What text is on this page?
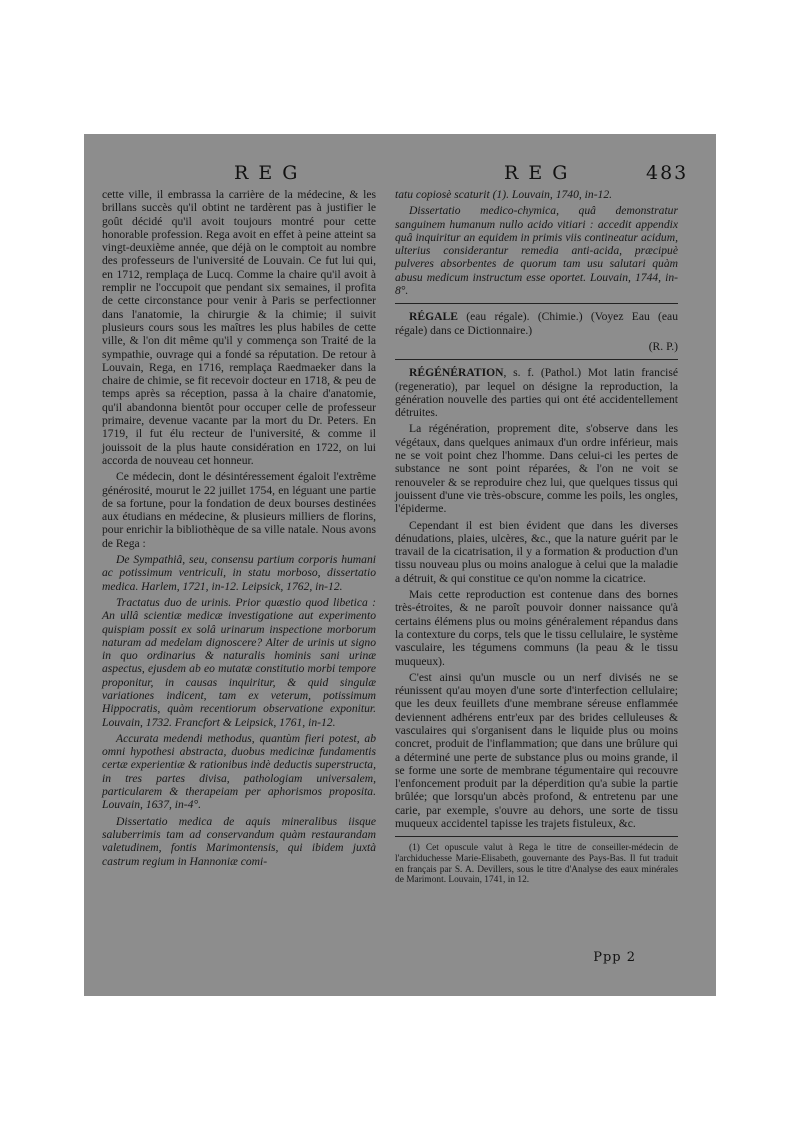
R E G	R E G	483

cette ville, il embrassa la carrière de la médecine, & les brillans succès qu'il obtint ne tardèrent pas à justifier le goût décidé qu'il avoit toujours montré pour cette honorable profession. Rega avoit en effet à peine atteint sa vingt-deuxième année, que déjà on le comptoit au nombre des professeurs de l'université de Louvain. Ce fut lui qui, en 1712, remplaça de Lucq. Comme la chaire qu'il avoit à remplir ne l'occupoit que pendant six semaines, il profita de cette circonstance pour venir à Paris se perfectionner dans l'anatomie, la chirurgie & la chimie; il suivit plusieurs cours sous les maîtres les plus habiles de cette ville, & l'on dit même qu'il y commença son Traité de la sympathie, ouvrage qui a fondé sa réputation. De retour à Louvain, Rega, en 1716, remplaça Raedmaeker dans la chaire de chimie, se fit recevoir docteur en 1718, & peu de temps après sa réception, passa à la chaire d'anatomie, qu'il abandonna bientôt pour occuper celle de professeur primaire, devenue vacante par la mort du Dr. Peters. En 1719, il fut élu recteur de l'université, & comme il jouissoit de la plus haute considération en 1722, on lui accorda de nouveau cet honneur.

Ce médecin, dont le désintéressement égaloit l'extrême générosité, mourut le 22 juillet 1754, en léguant une partie de sa fortune, pour la fondation de deux bourses destinées aux étudians en médecine, & plusieurs milliers de florins, pour enrichir la bibliothèque de sa ville natale. Nous avons de Rega :

De Sympathiâ, seu, consensu partium corporis humani ac potissimum ventriculi, in statu morboso, dissertatio medica. Harlem, 1721, in-12. Leipsick, 1762, in-12.

Tractatus duo de urinis. Prior quæstio quod libetica : An ullâ scientiæ medicæ investigatione aut experimento quispiam possit ex solâ urinarum inspectione morborum naturam ad medelam dignoscere? Alter de urinis ut signo in quo ordinarius & naturalis hominis sani urinæ aspectus, ejusdem ab eo mutatæ constitutio morbi tempore proponitur, in causas inquiritur, & quid singulæ variationes indicent, tam ex veterum, potissimum Hippocratis, quàm recentiorum observatione exponitur. Louvain, 1732. Francfort & Leipsick, 1761, in-12.

Accurata medendi methodus, quantùm fieri potest, ab omni hypothesi abstracta, duobus medicinæ fundamentis certæ experientiæ & rationibus indè deductis superstructa, in tres partes divisa, pathologiam universalem, particularem & therapeiam per aphorismos proposita. Louvain, 1637, in-4°.

Dissertatio medica de aquis mineralibus iisque saluberrimis tam ad conservandum quàm restaurandam valetudinem, fontis Marimontensis, qui ibidem juxtà castrum regium in Hannoniæ comi-

tatu copiosè scaturit (1). Louvain, 1740, in-12.

Dissertatio medico-chymica, quâ demonstratur sanguinem humanum nullo acido vitiari : accedit appendix quâ inquiritur an equidem in primis viis contineatur acidum, ulterius considerantur remedia anti-acida, præcipuè pulveres absorbentes de quorum tam usu salutari quàm abusu medicum instructum esse oportet. Louvain, 1744, in-8°.

RÉGALE (eau régale). (Chimie.) (Voyez Eau (eau régale) dans ce Dictionnaire.)

(R. P.)

RÉGÉNÉRATION, s. f. (Pathol.) Mot latin francisé (regeneratio), par lequel on désigne la reproduction, la génération nouvelle des parties qui ont été accidentellement détruites.

La régénération, proprement dite, s'observe dans les végétaux, dans quelques animaux d'un ordre inférieur, mais ne se voit point chez l'homme. Dans celui-ci les pertes de substance ne sont point réparées, & l'on ne voit se renouveler & se reproduire chez lui, que quelques tissus qui jouissent d'une vie très-obscure, comme les poils, les ongles, l'épiderme.

Cependant il est bien évident que dans les diverses dénudations, plaies, ulcères, &c., que la nature guérit par le travail de la cicatrisation, il y a formation & production d'un tissu nouveau plus ou moins analogue à celui que la maladie a détruit, & qui constitue ce qu'on nomme la cicatrice.

Mais cette reproduction est contenue dans des bornes très-étroites, & ne paroît pouvoir donner naissance qu'à certains élémens plus ou moins généralement répandus dans la contexture du corps, tels que le tissu cellulaire, le système vasculaire, les tégumens communs (la peau & le tissu muqueux).

C'est ainsi qu'un muscle ou un nerf divisés ne se réunissent qu'au moyen d'une sorte d'interfection cellulaire; que les deux feuillets d'une membrane séreuse enflammée deviennent adhérens entr'eux par des brides celluleuses & vasculaires qui s'organisent dans le liquide plus ou moins concret, produit de l'inflammation; que dans une brûlure qui a déterminé une perte de substance plus ou moins grande, il se forme une sorte de membrane tégumentaire qui recouvre l'enfoncement produit par la déperdition qu'a subie la partie brûlée; que lorsqu'un abcès profond, & entretenu par une carie, par exemple, s'ouvre au dehors, une sorte de tissu muqueux accidentel tapisse les trajets fistuleux, &c.

(1) Cet opuscule valut à Rega le titre de conseiller-médecin de l'archiduchesse Marie-Elisabeth, gouvernante des Pays-Bas. Il fut traduit en français par S. A. Devillers, sous le titre d'Analyse des eaux minérales de Marimont. Louvain, 1741, in 12.

Ppp 2
